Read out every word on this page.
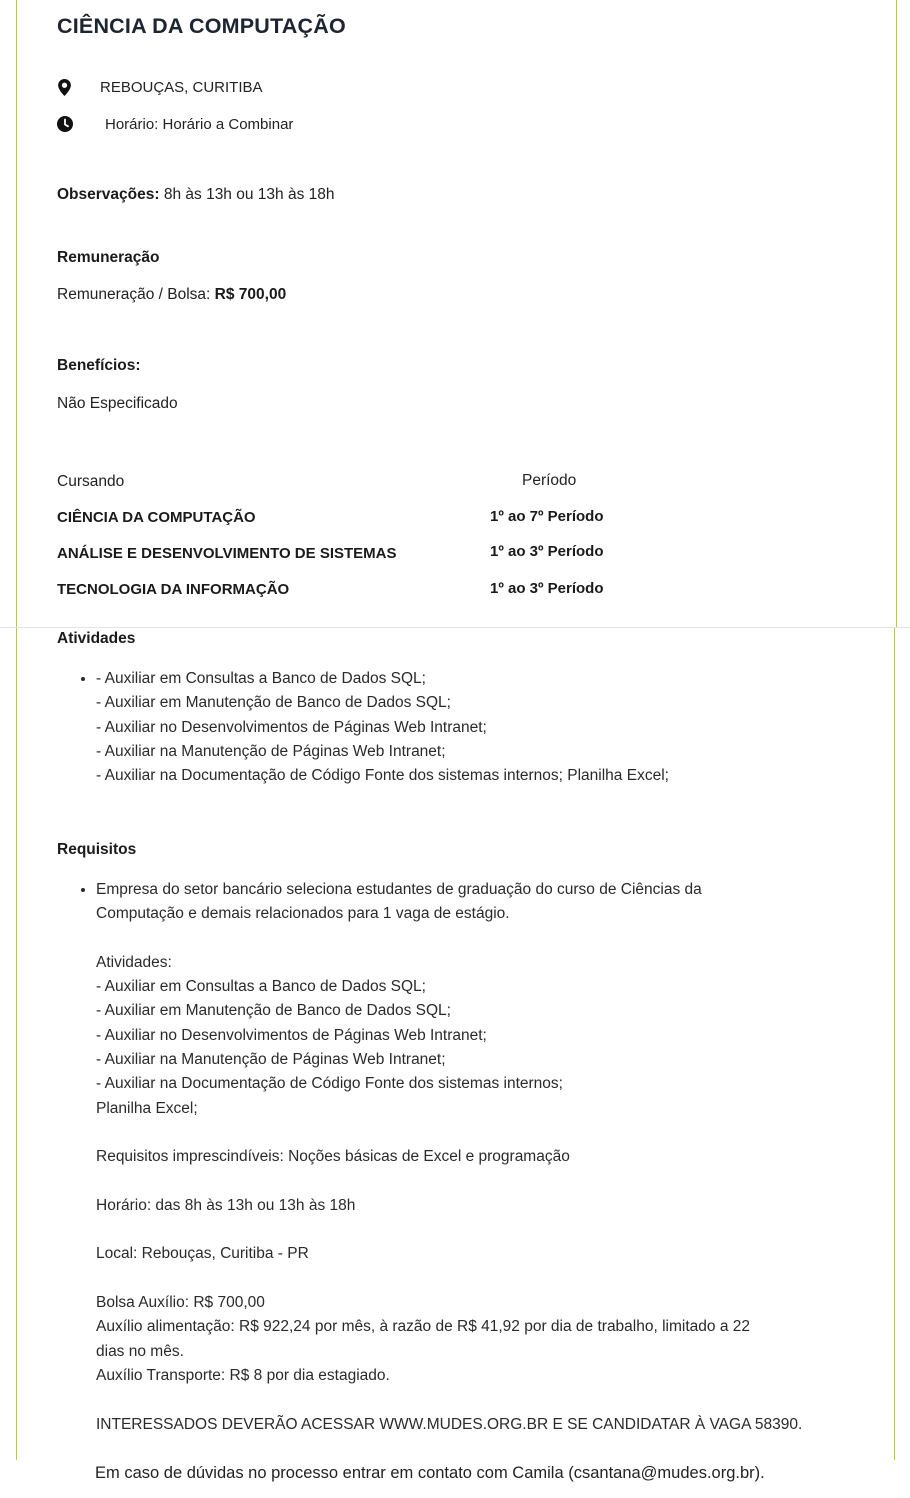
CIÊNCIA DA COMPUTAÇÃO
REBOUÇAS, CURITIBA
Horário: Horário a Combinar
Observações: 8h às 13h ou 13h às 18h
Remuneração
Remuneração / Bolsa: R$ 700,00
Benefícios:
Não Especificado
Cursando	Período
CIÊNCIA DA COMPUTAÇÃO	1º ao 7º Período
ANÁLISE E DESENVOLVIMENTO DE SISTEMAS	1º ao 3º Período
TECNOLOGIA DA INFORMAÇÃO	1º ao 3º Período
Atividades
• - Auxiliar em Consultas a Banco de Dados SQL;
- Auxiliar em Manutenção de Banco de Dados SQL;
- Auxiliar no Desenvolvimentos de Páginas Web Intranet;
- Auxiliar na Manutenção de Páginas Web Intranet;
- Auxiliar na Documentação de Código Fonte dos sistemas internos; Planilha Excel;
Requisitos
• Empresa do setor bancário seleciona estudantes de graduação do curso de Ciências da
Computação e demais relacionados para 1 vaga de estágio.
Atividades:
- Auxiliar em Consultas a Banco de Dados SQL;
- Auxiliar em Manutenção de Banco de Dados SQL;
- Auxiliar no Desenvolvimentos de Páginas Web Intranet;
- Auxiliar na Manutenção de Páginas Web Intranet;
- Auxiliar na Documentação de Código Fonte dos sistemas internos;
Planilha Excel;
Requisitos imprescindíveis: Noções básicas de Excel e programação
Horário: das 8h às 13h ou 13h às 18h
Local: Rebouças, Curitiba - PR
Bolsa Auxílio: R$ 700,00
Auxílio alimentação: R$ 922,24 por mês, à razão de R$ 41,92 por dia de trabalho, limitado a 22
dias no mês.
Auxílio Transporte: R$ 8 por dia estagiado.
INTERESSADOS DEVERÃO ACESSAR WWW.MUDES.ORG.BR E SE CANDIDATAR À VAGA 58390.
Em caso de dúvidas no processo entrar em contato com Camila (csantana@mudes.org.br).
